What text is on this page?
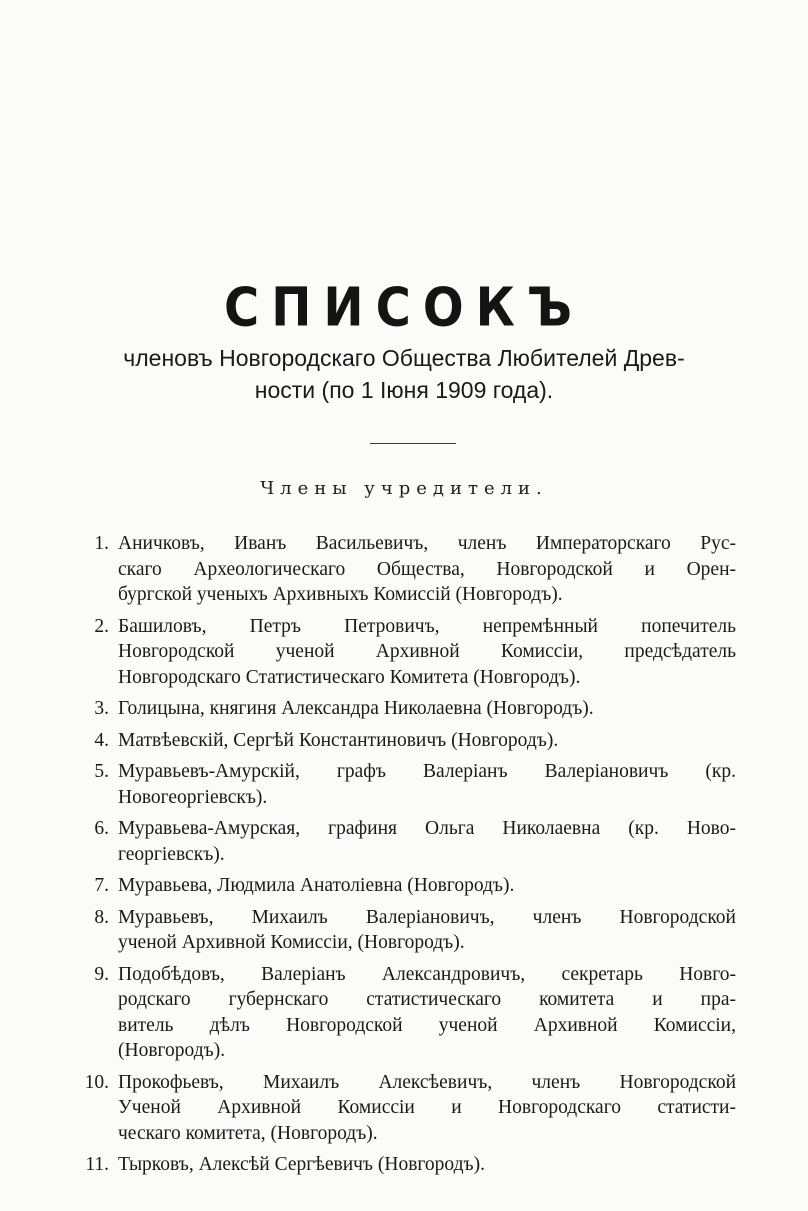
СПИСОКЪ
членовъ Новгородскаго Общества Любителей Древ-
ности (по 1 Іюня 1909 года).
Члены учредители.
1. Аничковъ, Иванъ Васильевичъ, членъ Императорскаго Рус-
скаго Археологическаго Общества, Новгородской и Орен-
бургской ученыхъ Архивныхъ Комиссій (Новгородъ).
2. Башиловъ, Петръ Петровичъ, непремѣнный попечитель
Новгородской ученой Архивной Комиссіи, предсѣдатель
Новгородскаго Статистическаго Комитета (Новгородъ).
3. Голицына, княгиня Александра Николаевна (Новгородъ).
4. Матвѣевскій, Сергѣй Константиновичъ (Новгородъ).
5. Муравьевъ-Амурскій, графъ Валеріанъ Валеріановичъ (кр.
Новогеоргіевскъ).
6. Муравьева-Амурская, графиня Ольга Николаевна (кр. Ново-
георгіевскъ).
7. Муравьева, Людмила Анатоліевна (Новгородъ).
8. Муравьевъ, Михаилъ Валеріановичъ, членъ Новгородской
ученой Архивной Комиссіи, (Новгородъ).
9. Подобѣдовъ, Валеріанъ Александровичъ, секретарь Новго-
родскаго губернскаго статистическаго комитета и пра-
витель дѣлъ Новгородской ученой Архивной Комиссіи,
(Новгородъ).
10. Прокофьевъ, Михаилъ Алексѣевичъ, членъ Новгородской
Ученой Архивной Комиссіи и Новгородскаго статисти-
ческаго комитета, (Новгородъ).
11. Тырковъ, Алексѣй Сергѣевичъ (Новгородъ).
